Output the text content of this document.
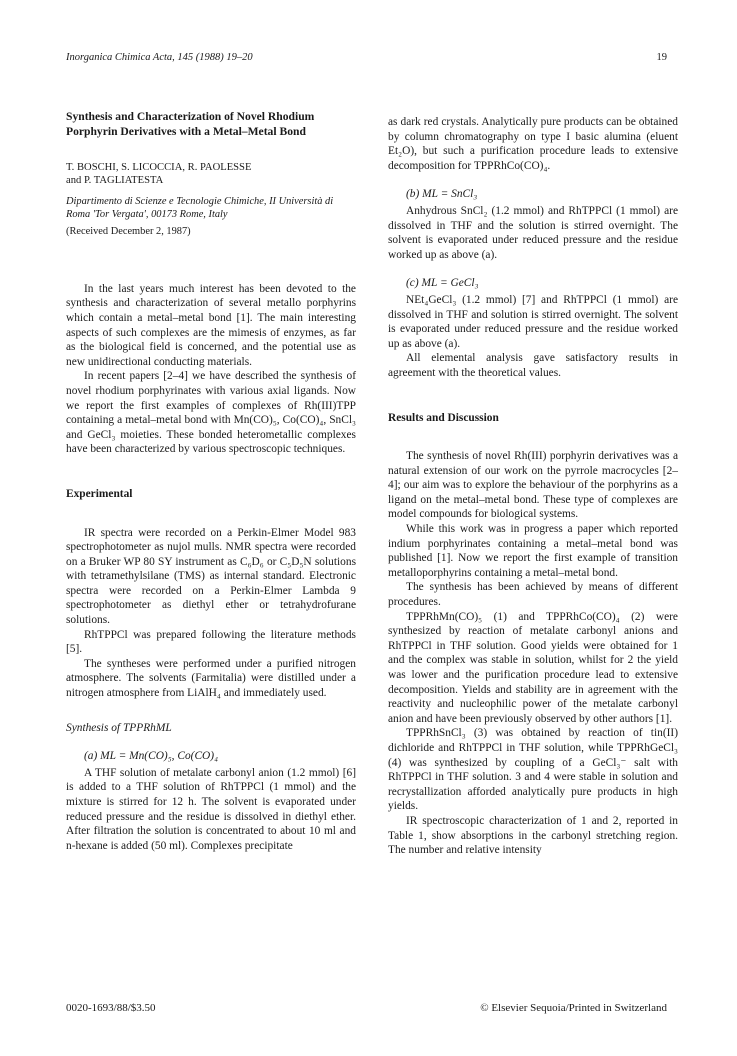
Inorganica Chimica Acta, 145 (1988) 19–20	19
Synthesis and Characterization of Novel Rhodium Porphyrin Derivatives with a Metal–Metal Bond
T. BOSCHI, S. LICOCCIA, R. PAOLESSE
and P. TAGLIATESTA
Dipartimento di Scienze e Tecnologie Chimiche, II Università di Roma 'Tor Vergata', 00173 Rome, Italy
(Received December 2, 1987)

In the last years much interest has been devoted to the synthesis and characterization of several metallo porphyrins which contain a metal–metal bond [1]. The main interesting aspects of such complexes are the mimesis of enzymes, as far as the biological field is concerned, and the potential use as new unidirectional conducting materials.

In recent papers [2–4] we have described the synthesis of novel rhodium porphyrinates with various axial ligands. Now we report the first examples of complexes of Rh(III)TPP containing a metal–metal bond with Mn(CO)₅, Co(CO)₄, SnCl₃ and GeCl₃ moieties. These bonded heterometallic complexes have been characterized by various spectroscopic techniques.

Experimental

IR spectra were recorded on a Perkin-Elmer Model 983 spectrophotometer as nujol mulls. NMR spectra were recorded on a Bruker WP 80 SY instrument as C₆D₆ or C₅D₅N solutions with tetramethylsilane (TMS) as internal standard. Electronic spectra were recorded on a Perkin-Elmer Lambda 9 spectrophotometer as diethyl ether or tetrahydrofurane solutions.

RhTPPCl was prepared following the literature methods [5].

The syntheses were performed under a purified nitrogen atmosphere. The solvents (Farmitalia) were distilled under a nitrogen atmosphere from LiAlH₄ and immediately used.

Synthesis of TPPRhML
(a) ML = Mn(CO)₅, Co(CO)₄

A THF solution of metalate carbonyl anion (1.2 mmol) [6] is added to a THF solution of RhTPPCl (1 mmol) and the mixture is stirred for 12 h. The solvent is evaporated under reduced pressure and the residue is dissolved in diethyl ether. After filtration the solution is concentrated to about 10 ml and n-hexane is added (50 ml). Complexes precipitate

as dark red crystals. Analytically pure products can be obtained by column chromatography on type I basic alumina (eluent Et₂O), but such a purification procedure leads to extensive decomposition for TPPRhCo(CO)₄.

(b) ML = SnCl₃

Anhydrous SnCl₂ (1.2 mmol) and RhTPPCl (1 mmol) are dissolved in THF and the solution is stirred overnight. The solvent is evaporated under reduced pressure and the residue worked up as above (a).

(c) ML = GeCl₃

NEt₄GeCl₃ (1.2 mmol) [7] and RhTPPCl (1 mmol) are dissolved in THF and solution is stirred overnight. The solvent is evaporated under reduced pressure and the residue worked up as above (a).

All elemental analysis gave satisfactory results in agreement with the theoretical values.

Results and Discussion

The synthesis of novel Rh(III) porphyrin derivatives was a natural extension of our work on the pyrrole macrocycles [2–4]; our aim was to explore the behaviour of the porphyrins as a ligand on the metal–metal bond. These type of complexes are model compounds for biological systems.

While this work was in progress a paper which reported indium porphyrinates containing a metal–metal bond was published [1]. Now we report the first example of transition metalloporphyrins containing a metal–metal bond.

The synthesis has been achieved by means of different procedures.

TPPRhMn(CO)₅ (1) and TPPRhCo(CO)₄ (2) were synthesized by reaction of metalate carbonyl anions and RhTPPCl in THF solution. Good yields were obtained for 1 and the complex was stable in solution, whilst for 2 the yield was lower and the purification procedure lead to extensive decomposition. Yields and stability are in agreement with the reactivity and nucleophilic power of the metalate carbonyl anion and have been previously observed by other authors [1].

TPPRhSnCl₃ (3) was obtained by reaction of tin(II) dichloride and RhTPPCl in THF solution, while TPPRhGeCl₃ (4) was synthesized by coupling of a GeCl₃⁻ salt with RhTPPCl in THF solution. 3 and 4 were stable in solution and recrystallization afforded analytically pure products in high yields.

IR spectroscopic characterization of 1 and 2, reported in Table 1, show absorptions in the carbonyl stretching region. The number and relative intensity

0020-1693/88/$3.50	© Elsevier Sequoia/Printed in Switzerland
